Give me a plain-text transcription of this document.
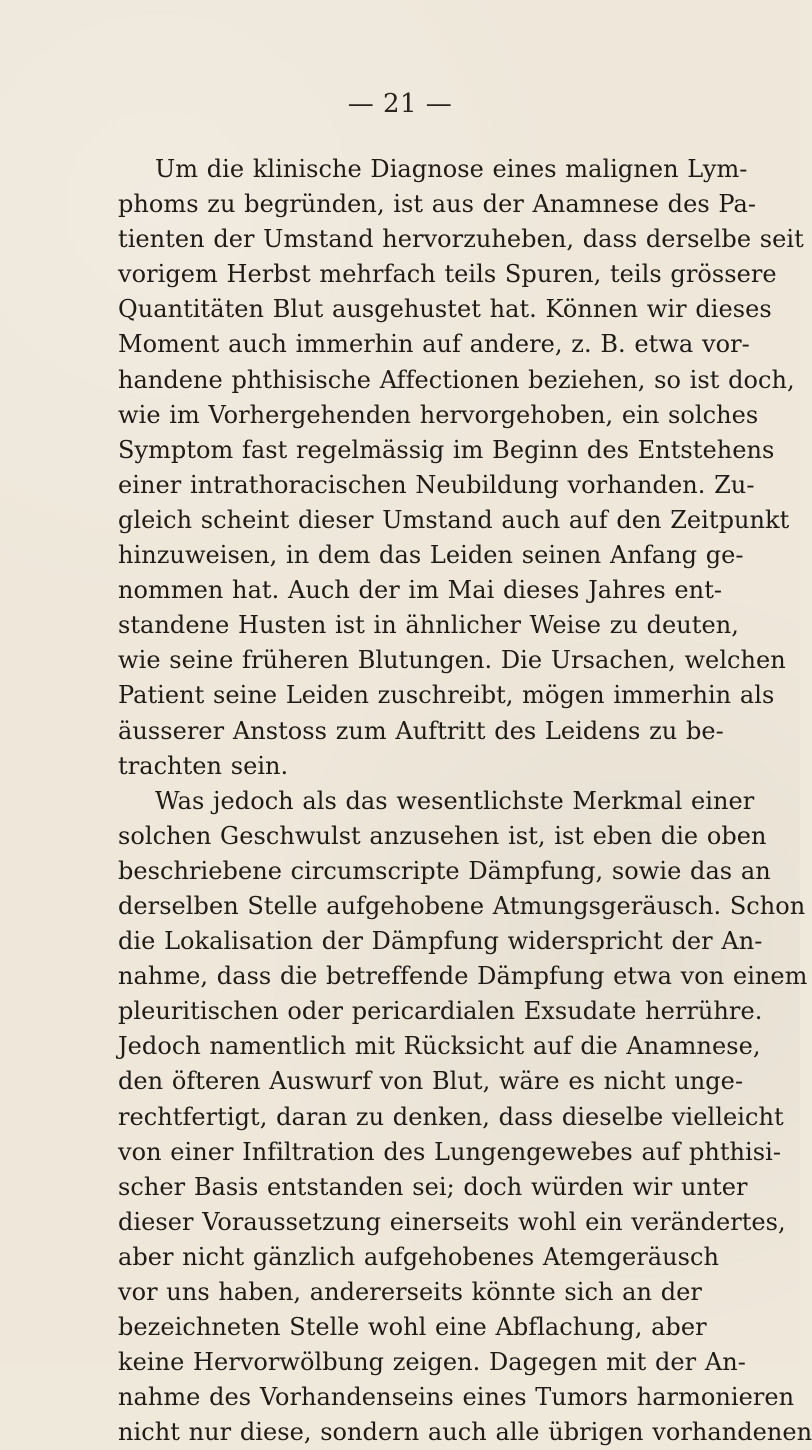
— 21 —
Um die klinische Diagnose eines malignen Lym-
phoms zu begründen, ist aus der Anamnese des Pa-
tienten der Umstand hervorzuheben, dass derselbe seit
vorigem Herbst mehrfach teils Spuren, teils grössere
Quantitäten Blut ausgehustet hat. Können wir dieses
Moment auch immerhin auf andere, z. B. etwa vor-
handene phthisische Affectionen beziehen, so ist doch,
wie im Vorhergehenden hervorgehoben, ein solches
Symptom fast regelmässig im Beginn des Entstehens
einer intrathoracischen Neubildung vorhanden. Zu-
gleich scheint dieser Umstand auch auf den Zeitpunkt
hinzuweisen, in dem das Leiden seinen Anfang ge-
nommen hat. Auch der im Mai dieses Jahres ent-
standene Husten ist in ähnlicher Weise zu deuten,
wie seine früheren Blutungen. Die Ursachen, welchen
Patient seine Leiden zuschreibt, mögen immerhin als
äusserer Anstoss zum Auftritt des Leidens zu be-
trachten sein.
Was jedoch als das wesentlichste Merkmal einer
solchen Geschwulst anzusehen ist, ist eben die oben
beschriebene circumscripte Dämpfung, sowie das an
derselben Stelle aufgehobene Atmungsgeräusch. Schon
die Lokalisation der Dämpfung widerspricht der An-
nahme, dass die betreffende Dämpfung etwa von einem
pleuritischen oder pericardialen Exsudate herrühre.
Jedoch namentlich mit Rücksicht auf die Anamnese,
den öfteren Auswurf von Blut, wäre es nicht unge-
rechtfertigt, daran zu denken, dass dieselbe vielleicht
von einer Infiltration des Lungengewebes auf phthisi-
scher Basis entstanden sei; doch würden wir unter
dieser Voraussetzung einerseits wohl ein verändertes,
aber nicht gänzlich aufgehobenes Atemgeräusch
vor uns haben, andererseits könnte sich an der
bezeichneten Stelle wohl eine Abflachung, aber
keine Hervorwölbung zeigen. Dagegen mit der An-
nahme des Vorhandenseins eines Tumors harmonieren
nicht nur diese, sondern auch alle übrigen vorhandenen
